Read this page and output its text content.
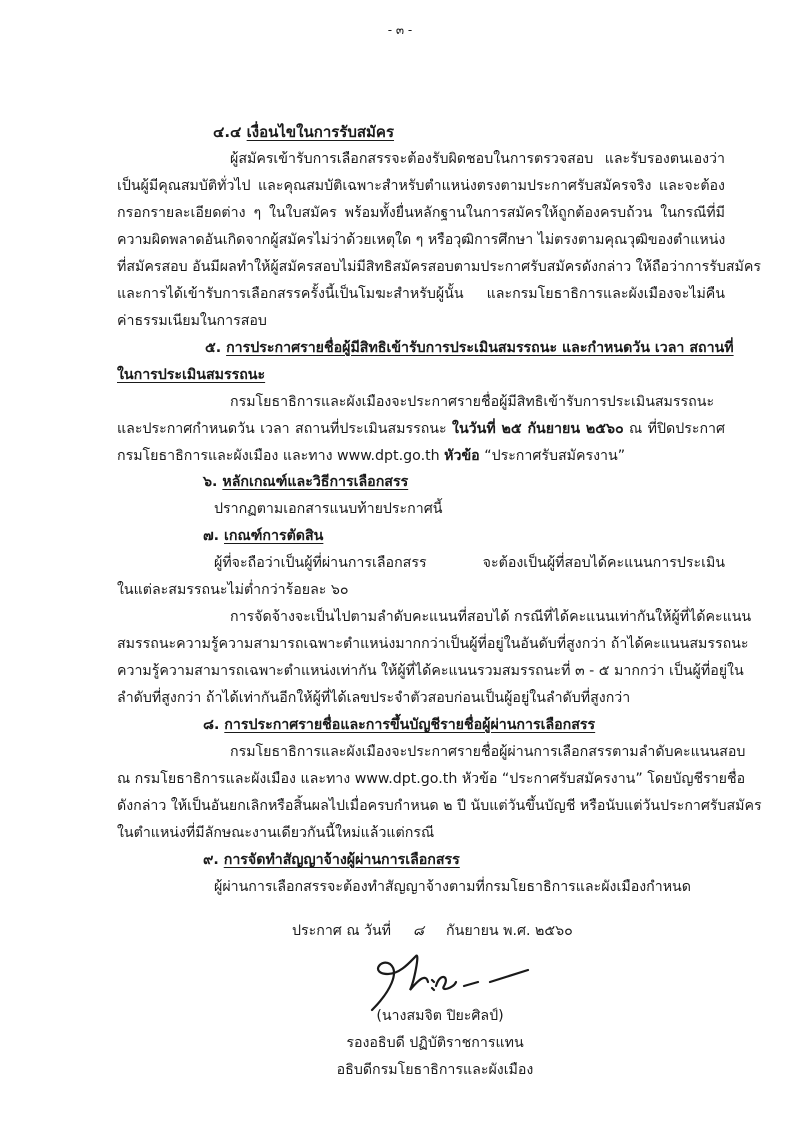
- ๓ -
๔.๔ เงื่อนไขในการรับสมัคร
ผู้สมัครเข้ารับการเลือกสรรจะต้องรับผิดชอบในการตรวจสอบ และรับรองตนเองว่า
เป็นผู้มีคุณสมบัติทั่วไป และคุณสมบัติเฉพาะสำหรับตำแหน่งตรงตามประกาศรับสมัครจริง และจะต้อง
กรอกรายละเอียดต่าง ๆ ในใบสมัคร พร้อมทั้งยื่นหลักฐานในการสมัครให้ถูกต้องครบถ้วน ในกรณีที่มี
ความผิดพลาดอันเกิดจากผู้สมัครไม่ว่าด้วยเหตุใด ๆ หรือวุฒิการศึกษา ไม่ตรงตามคุณวุฒิของตำแหน่ง
ที่สมัครสอบ อันมีผลทำให้ผู้สมัครสอบไม่มีสิทธิสมัครสอบตามประกาศรับสมัครดังกล่าว ให้ถือว่าการรับสมัคร
และการได้เข้ารับการเลือกสรรครั้งนี้เป็นโมฆะสำหรับผู้นั้น และกรมโยธาธิการและผังเมืองจะไม่คืน
ค่าธรรมเนียมในการสอบ
๕. การประกาศรายชื่อผู้มีสิทธิเข้ารับการประเมินสมรรถนะ และกำหนดวัน เวลา สถานที่
ในการประเมินสมรรถนะ
กรมโยธาธิการและผังเมืองจะประกาศรายชื่อผู้มีสิทธิเข้ารับการประเมินสมรรถนะ
และประกาศกำหนดวัน เวลา สถานที่ประเมินสมรรถนะ ในวันที่ ๒๕ กันยายน ๒๕๖๐ ณ ที่ปิดประกาศ
กรมโยธาธิการและผังเมือง และทาง www.dpt.go.th หัวข้อ “ประกาศรับสมัครงาน”
๖. หลักเกณฑ์และวิธีการเลือกสรร
ปรากฏตามเอกสารแนบท้ายประกาศนี้
๗. เกณฑ์การตัดสิน
ผู้ที่จะถือว่าเป็นผู้ที่ผ่านการเลือกสรร จะต้องเป็นผู้ที่สอบได้คะแนนการประเมิน
ในแต่ละสมรรถนะไม่ต่ำกว่าร้อยละ ๖๐
การจัดจ้างจะเป็นไปตามลำดับคะแนนที่สอบได้ กรณีที่ได้คะแนนเท่ากันให้ผู้ที่ได้คะแนน
สมรรถนะความรู้ความสามารถเฉพาะตำแหน่งมากกว่าเป็นผู้ที่อยู่ในอันดับที่สูงกว่า ถ้าได้คะแนนสมรรถนะ
ความรู้ความสามารถเฉพาะตำแหน่งเท่ากัน ให้ผู้ที่ได้คะแนนรวมสมรรถนะที่ ๓ - ๕ มากกว่า เป็นผู้ที่อยู่ใน
ลำดับที่สูงกว่า ถ้าได้เท่ากันอีกให้ผู้ที่ได้เลขประจำตัวสอบก่อนเป็นผู้อยู่ในลำดับที่สูงกว่า
๘. การประกาศรายชื่อและการขึ้นบัญชีรายชื่อผู้ผ่านการเลือกสรร
กรมโยธาธิการและผังเมืองจะประกาศรายชื่อผู้ผ่านการเลือกสรรตามลำดับคะแนนสอบ
ณ กรมโยธาธิการและผังเมือง และทาง www.dpt.go.th หัวข้อ “ประกาศรับสมัครงาน” โดยบัญชีรายชื่อ
ดังกล่าว ให้เป็นอันยกเลิกหรือสิ้นผลไปเมื่อครบกำหนด ๒ ปี นับแต่วันขึ้นบัญชี หรือนับแต่วันประกาศรับสมัคร
ในตำแหน่งที่มีลักษณะงานเดียวกันนี้ใหม่แล้วแต่กรณี
๙. การจัดทำสัญญาจ้างผู้ผ่านการเลือกสรร
ผู้ผ่านการเลือกสรรจะต้องทำสัญญาจ้างตามที่กรมโยธาธิการและผังเมืองกำหนด
ประกาศ ณ วันที่ ๘ กันยายน พ.ศ. ๒๕๖๐
(นางสมจิต ปิยะศิลป์)
รองอธิบดี ปฏิบัติราชการแทน
อธิบดีกรมโยธาธิการและผังเมือง
